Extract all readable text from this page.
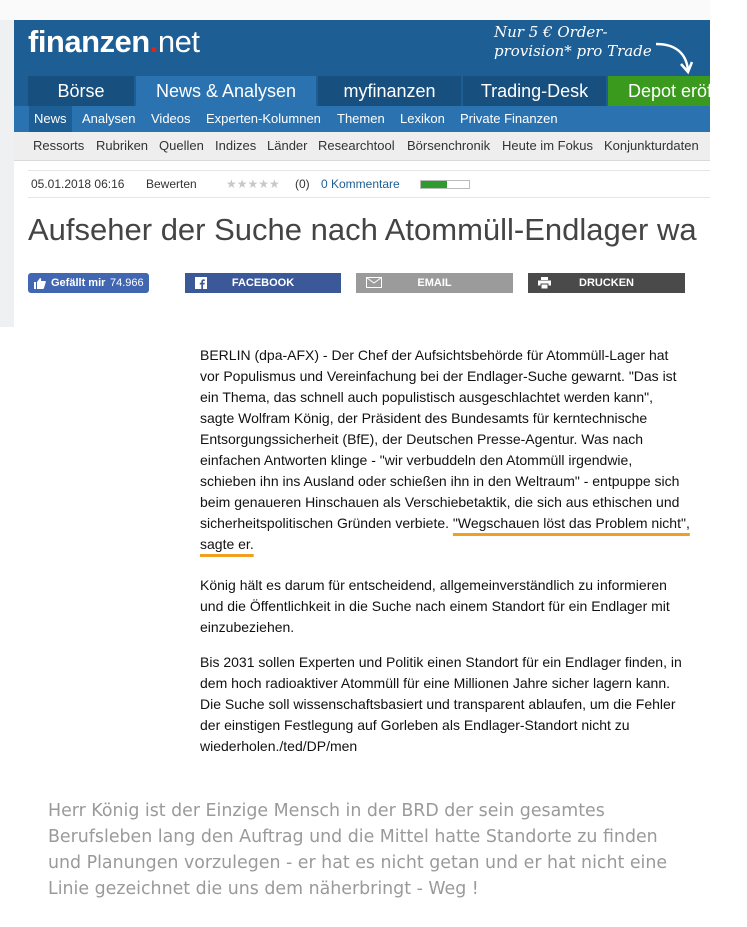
finanzen.net	Nur 5 € Order-
provision* pro Trade
Börse	News & Analysen	myfinanzen	Trading-Desk	Depot eröffnen
News	Analysen Videos Experten-Kolumnen Themen Lexikon Private Finanzen
Ressorts Rubriken Quellen Indizes Länder Researchtool Börsenchronik Heute im Fokus Konjunkturdaten
05.01.2018 06:16 Bewerten ★★★★★ (0) 0 Kommentare
Aufseher der Suche nach Atommüll-Endlager wa
Gefällt mir 74.966	FACEBOOK	EMAIL	DRUCKEN

BERLIN (dpa-AFX) - Der Chef der Aufsichtsbehörde für Atommüll-Lager hat vor Populismus und Vereinfachung bei der Endlager-Suche gewarnt. "Das ist ein Thema, das schnell auch populistisch ausgeschlachtet werden kann", sagte Wolfram König, der Präsident des Bundesamts für kerntechnische Entsorgungssicherheit (BfE), der Deutschen Presse-Agentur. Was nach einfachen Antworten klinge - "wir verbuddeln den Atommüll irgendwie, schieben ihn ins Ausland oder schießen ihn in den Weltraum" - entpuppe sich beim genaueren Hinschauen als Verschiebetaktik, die sich aus ethischen und sicherheitspolitischen Gründen verbiete. "Wegschauen löst das Problem nicht", sagte er.

König hält es darum für entscheidend, allgemeinverständlich zu informieren und die Öffentlichkeit in die Suche nach einem Standort für ein Endlager mit einzubeziehen.

Bis 2031 sollen Experten und Politik einen Standort für ein Endlager finden, in dem hoch radioaktiver Atommüll für eine Millionen Jahre sicher lagern kann. Die Suche soll wissenschaftsbasiert und transparent ablaufen, um die Fehler der einstigen Festlegung auf Gorleben als Endlager-Standort nicht zu wiederholen./ted/DP/men

Herr König ist der Einzige Mensch in der BRD der sein gesamtes Berufsleben lang den Auftrag und die Mittel hatte Standorte zu finden und Planungen vorzulegen - er hat es nicht getan und er hat nicht eine Linie gezeichnet die uns dem näherbringt - Weg !
